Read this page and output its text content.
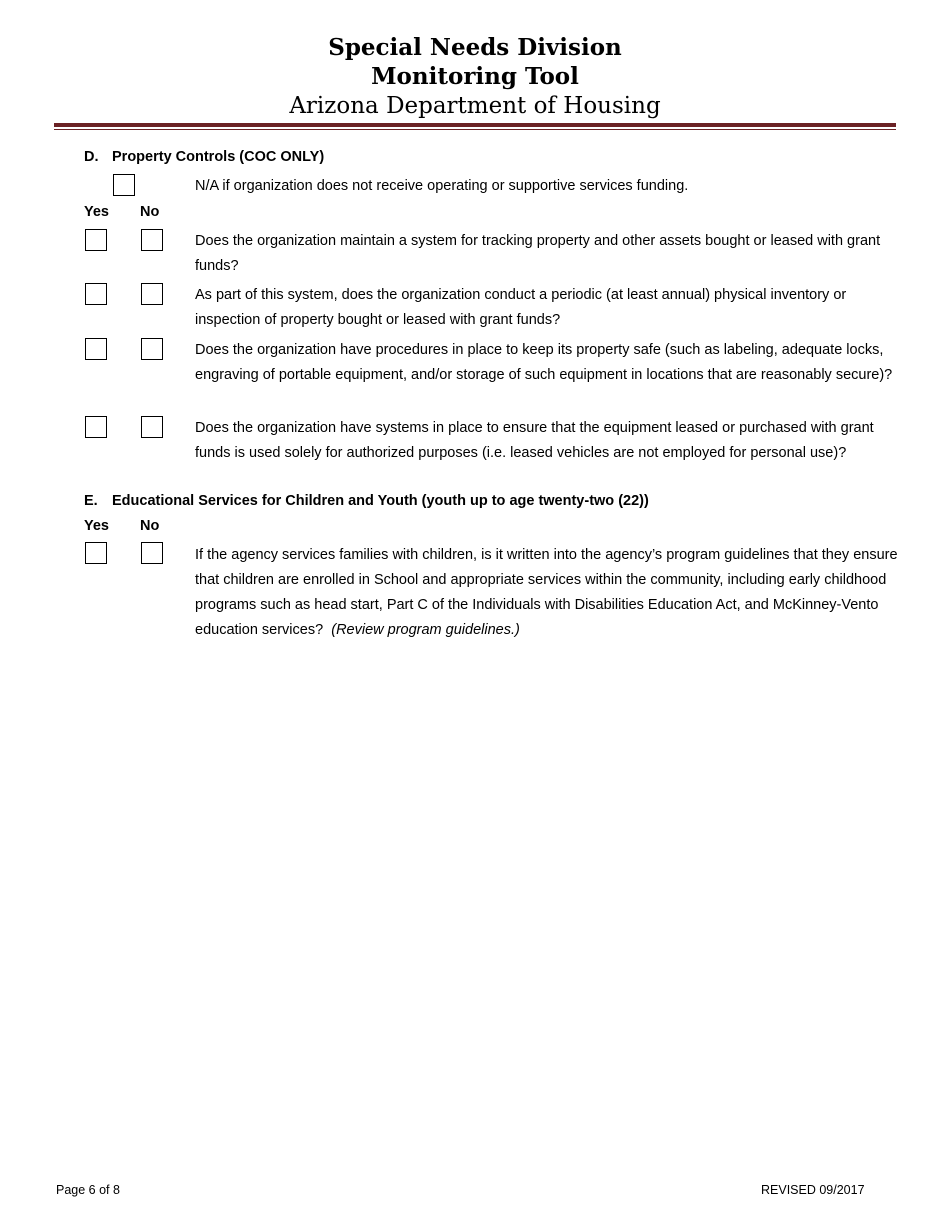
Special Needs Division
Monitoring Tool
Arizona Department of Housing
D. Property Controls (COC ONLY)
N/A if organization does not receive operating or supportive services funding.
Yes No
Does the organization maintain a system for tracking property and other assets bought or leased with grant funds?
As part of this system, does the organization conduct a periodic (at least annual) physical inventory or inspection of property bought or leased with grant funds?
Does the organization have procedures in place to keep its property safe (such as labeling, adequate locks, engraving of portable equipment, and/or storage of such equipment in locations that are reasonably secure)?
Does the organization have systems in place to ensure that the equipment leased or purchased with grant funds is used solely for authorized purposes (i.e. leased vehicles are not employed for personal use)?
E. Educational Services for Children and Youth (youth up to age twenty-two (22))
Yes No
If the agency services families with children, is it written into the agency’s program guidelines that they ensure that children are enrolled in School and appropriate services within the community, including early childhood programs such as head start, Part C of the Individuals with Disabilities Education Act, and McKinney-Vento education services? (Review program guidelines.)
Page 6 of 8	REVISED 09/2017
